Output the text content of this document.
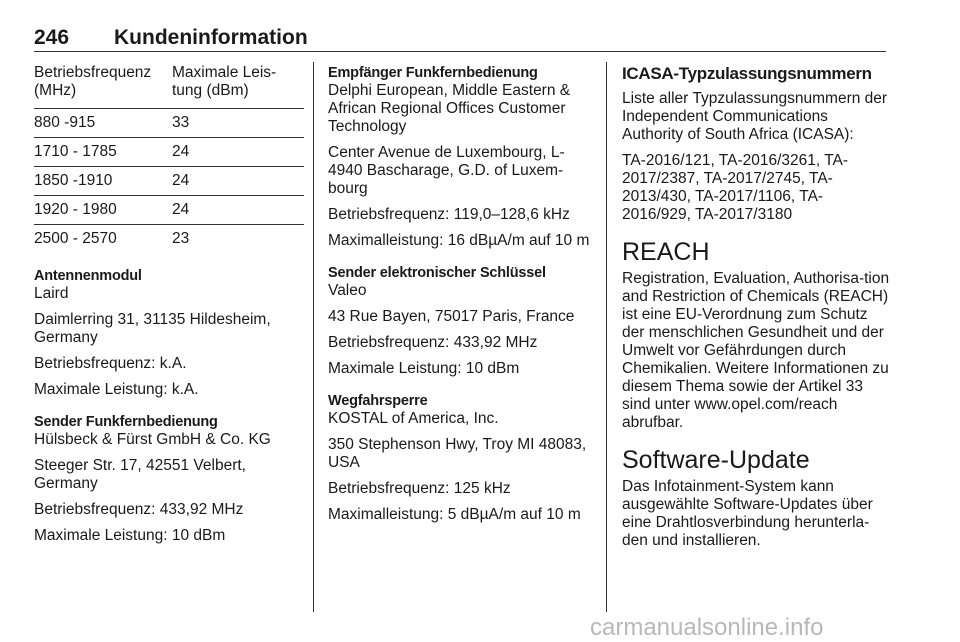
246 Kundeninformation
Betriebsfrequenz (MHz)	Maximale Leis-tung (dBm)
880 -915	33
1710 - 1785	24
1850 -1910	24
1920 - 1980	24
2500 - 2570	23
Antennenmodul

Laird

Daimlerring 31, 31135 Hildesheim, Germany

Betriebsfrequenz: k.A.

Maximale Leistung: k.A.

Sender Funkfernbedienung

Hülsbeck & Fürst GmbH & Co. KG

Steeger Str. 17, 42551 Velbert, Germany

Betriebsfrequenz: 433,92 MHz

Maximale Leistung: 10 dBm

Empfänger Funkfernbedienung

Delphi European, Middle Eastern & African Regional Offices Customer Technology

Center Avenue de Luxembourg, L-4940 Bascharage, G.D. of Luxem-bourg

Betriebsfrequenz: 119,0–128,6 kHz

Maximalleistung: 16 dBµA/m auf 10 m

Sender elektronischer Schlüssel

Valeo

43 Rue Bayen, 75017 Paris, France

Betriebsfrequenz: 433,92 MHz

Maximale Leistung: 10 dBm

Wegfahrsperre

KOSTAL of America, Inc.

350 Stephenson Hwy, Troy MI 48083, USA

Betriebsfrequenz: 125 kHz

Maximalleistung: 5 dBµA/m auf 10 m

ICASA-Typzulassungsnummern

Liste aller Typzulassungsnummern der Independent Communications Authority of South Africa (ICASA):

TA-2016/121, TA-2016/3261, TA-2017/2387, TA-2017/2745, TA-2013/430, TA-2017/1106, TA-2016/929, TA-2017/3180

REACH

Registration, Evaluation, Authorisa-tion and Restriction of Chemicals (REACH) ist eine EU-Verordnung zum Schutz der menschlichen Gesundheit und der Umwelt vor Gefährdungen durch Chemikalien. Weitere Informationen zu diesem Thema sowie der Artikel 33 sind unter www.opel.com/reach abrufbar.

Software-Update

Das Infotainment-System kann ausgewählte Software-Updates über eine Drahtlosverbindung herunterla-den und installieren.

carmanualsonline.info
